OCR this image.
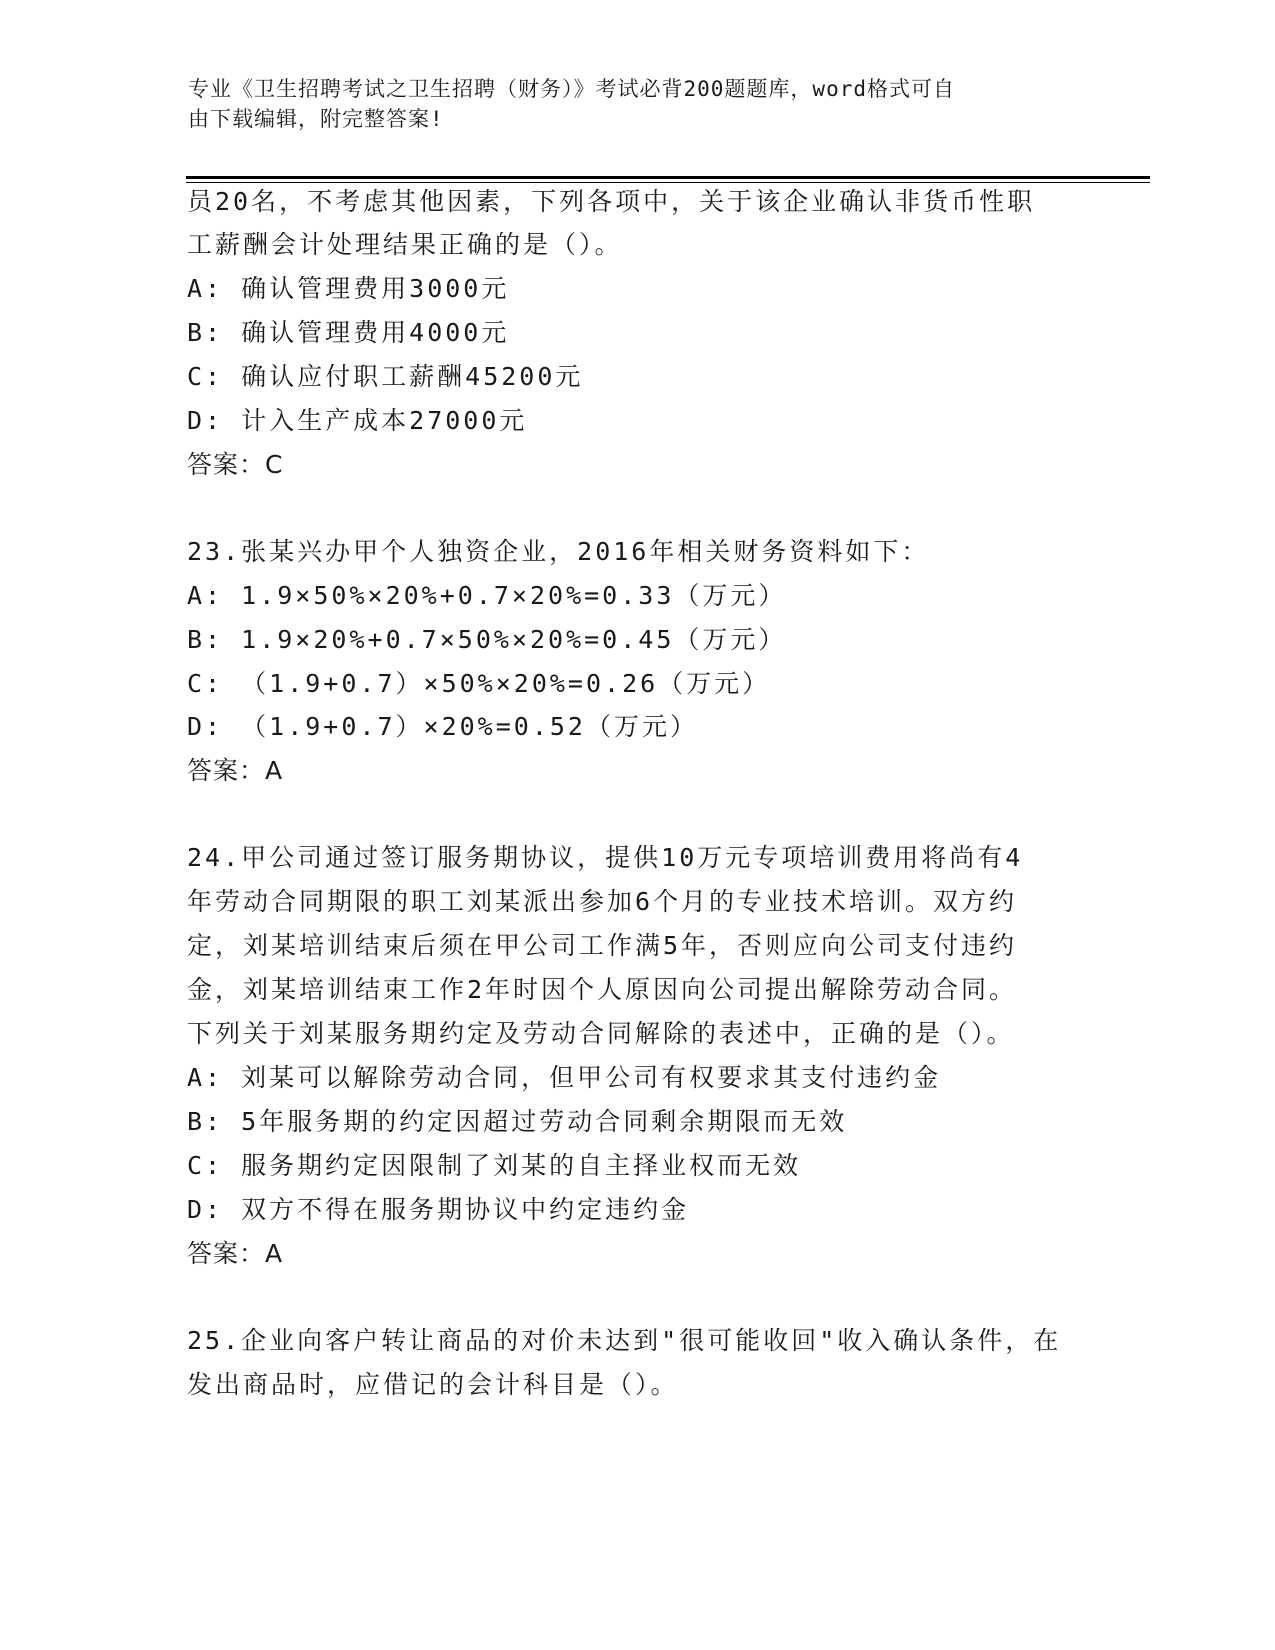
专业《卫生招聘考试之卫生招聘（财务）》考试必背200题题库，word格式可自
由下载编辑，附完整答案!
员20名，不考虑其他因素，下列各项中，关于该企业确认非货币性职
工薪酬会计处理结果正确的是（）。
A: 确认管理费用3000元
B: 确认管理费用4000元
C: 确认应付职工薪酬45200元
D: 计入生产成本27000元
答案：C
23.张某兴办甲个人独资企业，2016年相关财务资料如下：
A: 1.9×50%×20%+0.7×20%=0.33（万元）
B: 1.9×20%+0.7×50%×20%=0.45（万元）
C: （1.9+0.7）×50%×20%=0.26（万元）
D: （1.9+0.7）×20%=0.52（万元）
答案：A
24.甲公司通过签订服务期协议，提供10万元专项培训费用将尚有4
年劳动合同期限的职工刘某派出参加6个月的专业技术培训。双方约
定，刘某培训结束后须在甲公司工作满5年，否则应向公司支付违约
金，刘某培训结束工作2年时因个人原因向公司提出解除劳动合同。
下列关于刘某服务期约定及劳动合同解除的表述中，正确的是（）。
A: 刘某可以解除劳动合同，但甲公司有权要求其支付违约金
B: 5年服务期的约定因超过劳动合同剩余期限而无效
C: 服务期约定因限制了刘某的自主择业权而无效
D: 双方不得在服务期协议中约定违约金
答案：A
25.企业向客户转让商品的对价未达到"很可能收回"收入确认条件，在
发出商品时，应借记的会计科目是（）。
